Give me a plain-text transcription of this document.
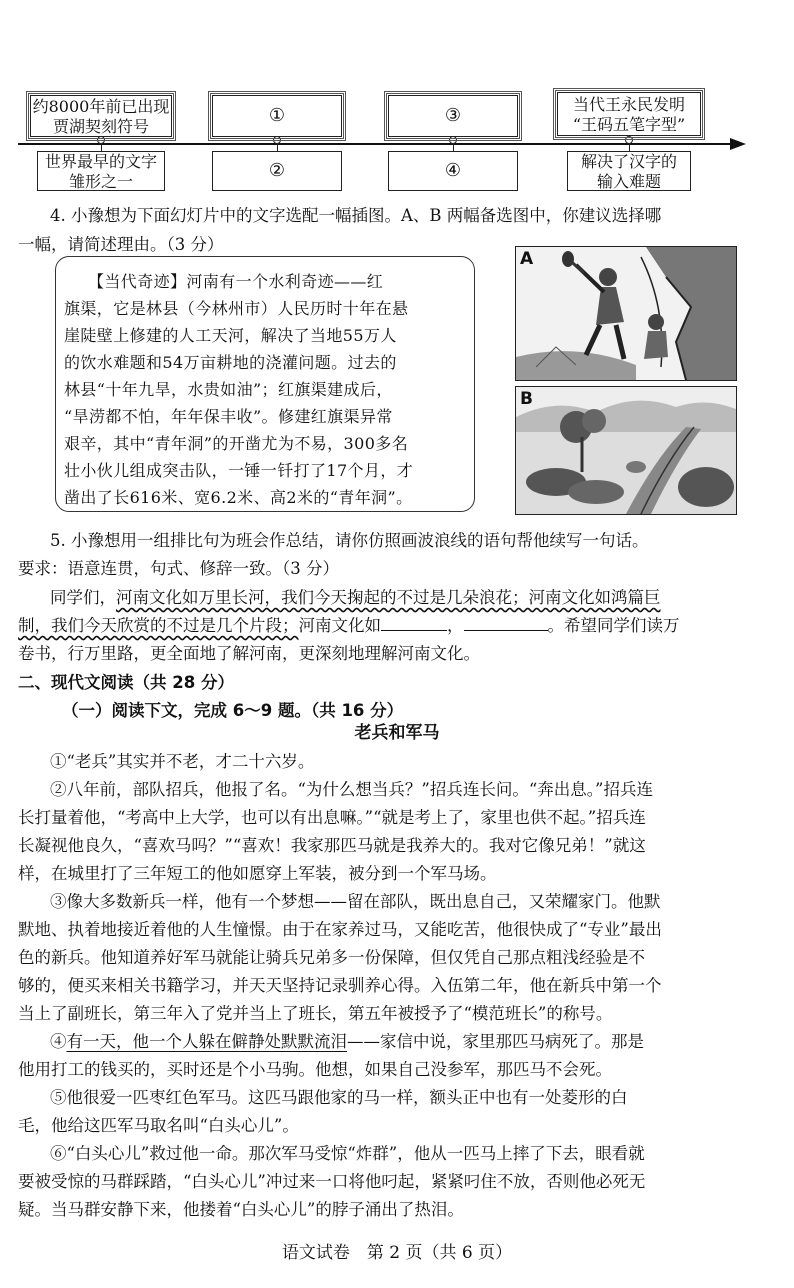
约8000年前已出现
贾湖契刻符号
①	③
当代王永民发明
“王码五笔字型”
世界最早的文字
雏形之一
②	④	解决了汉字的
输入难题
4. 小豫想为下面幻灯片中的文字选配一幅插图。A、B 两幅备选图中，你建议选择哪
一幅，请简述理由。（3 分）
【当代奇迹】河南有一个水利奇迹——红
旗渠，它是林县（今林州市）人民历时十年在悬
崖陡壁上修建的人工天河，解决了当地55万人
的饮水难题和54万亩耕地的浇灌问题。过去的
林县“十年九旱，水贵如油”；红旗渠建成后，
“旱涝都不怕，年年保丰收”。修建红旗渠异常
艰辛，其中“青年洞”的开凿尤为不易，300多名
壮小伙儿组成突击队，一锤一钎打了17个月，才
凿出了长616米、宽6.2米、高2米的“青年洞”。
A
B
5. 小豫想用一组排比句为班会作总结，请你仿照画波浪线的语句帮他续写一句话。
要求：语意连贯，句式、修辞一致。（3 分）
同学们，河南文化如万里长河，我们今天掬起的不过是几朵浪花；河南文化如鸿篇巨
制，我们今天欣赏的不过是几个片段；河南文化如	，	。希望同学们读万
卷书，行万里路，更全面地了解河南，更深刻地理解河南文化。
二、现代文阅读（共 28 分）
（一）阅读下文，完成 6～9 题。（共 16 分）
老兵和军马
①“老兵”其实并不老，才二十六岁。
②八年前，部队招兵，他报了名。“为什么想当兵？”招兵连长问。“奔出息。”招兵连
长打量着他，“考高中上大学，也可以有出息嘛。”“就是考上了，家里也供不起。”招兵连
长凝视他良久，“喜欢马吗？”“喜欢！我家那匹马就是我养大的。我对它像兄弟！”就这
样，在城里打了三年短工的他如愿穿上军装，被分到一个军马场。
③像大多数新兵一样，他有一个梦想——留在部队，既出息自己，又荣耀家门。他默
默地、执着地接近着他的人生憧憬。由于在家养过马，又能吃苦，他很快成了“专业”最出
色的新兵。他知道养好军马就能让骑兵兄弟多一份保障，但仅凭自己那点粗浅经验是不
够的，便买来相关书籍学习，并天天坚持记录驯养心得。入伍第二年，他在新兵中第一个
当上了副班长，第三年入了党并当上了班长，第五年被授予了“模范班长”的称号。
④有一天，他一个人躲在僻静处默默流泪——家信中说，家里那匹马病死了。那是
他用打工的钱买的，买时还是个小马驹。他想，如果自己没参军，那匹马不会死。
⑤他很爱一匹枣红色军马。这匹马跟他家的马一样，额头正中也有一处菱形的白
毛，他给这匹军马取名叫“白头心儿”。
⑥“白头心儿”救过他一命。那次军马受惊“炸群”，他从一匹马上摔了下去，眼看就
要被受惊的马群踩踏，“白头心儿”冲过来一口将他叼起，紧紧叼住不放，否则他必死无
疑。当马群安静下来，他搂着“白头心儿”的脖子涌出了热泪。
语文试卷　第 2 页（共 6 页）
